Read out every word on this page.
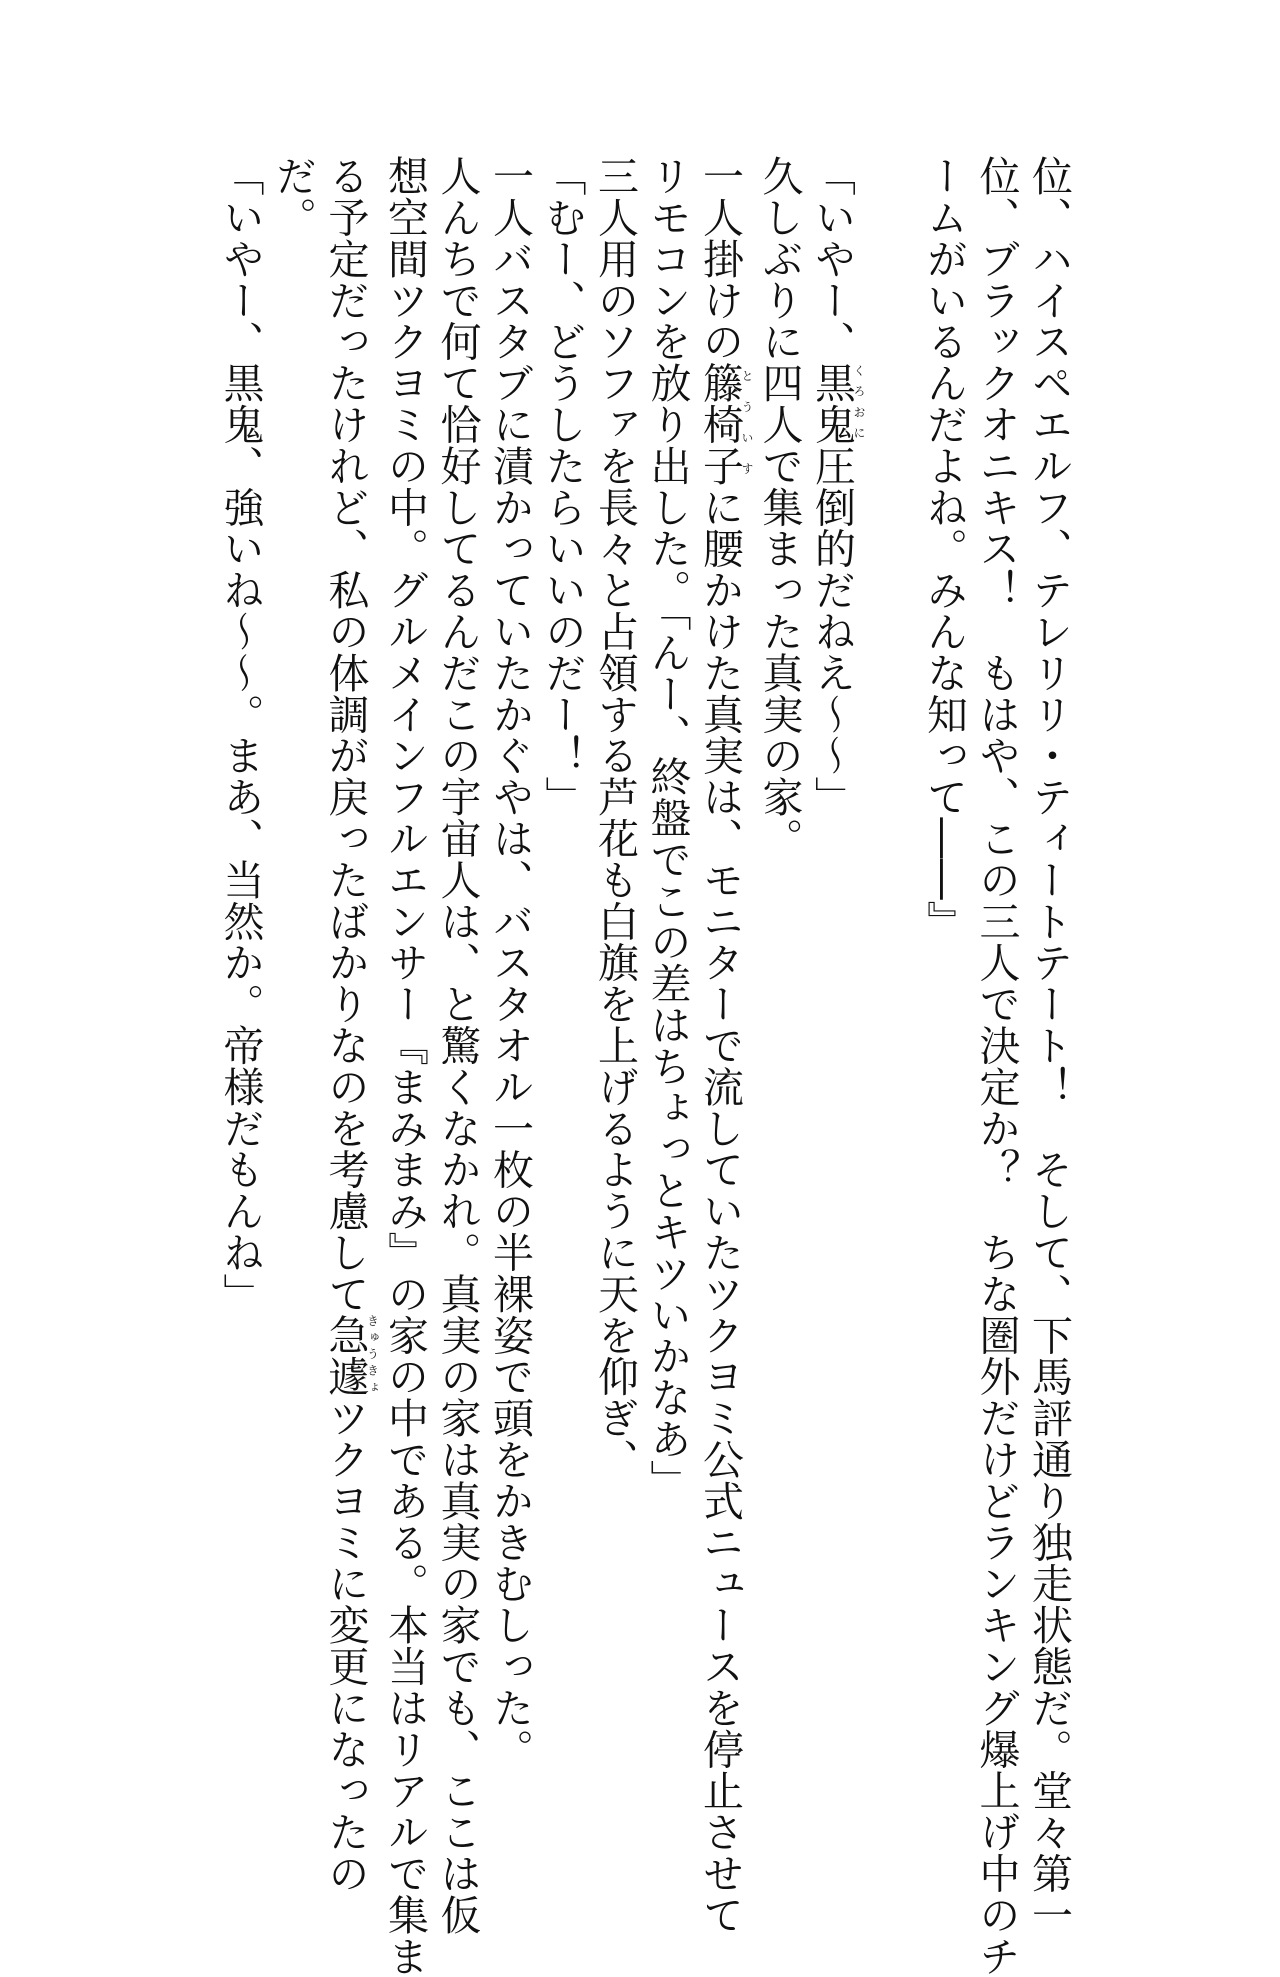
位、ハイスペエルフ、テレリリ・ティートテート！　そして、下馬評通り独走状態だ。堂々第一

位、ブラックオニキス！　もはや、この三人で決定か？　ちな圏外だけどランキング爆上げ中のチ

ームがいるんだよね。みんな知って――』

「いやー、黒鬼くろおに圧倒的だねえ～～」

久しぶりに四人で集まった真実の家。

一人掛けの籐椅子とういすに腰かけた真実は、モニターで流していたツクヨミ公式ニュースを停止させて

リモコンを放り出した。「んー、終盤でこの差はちょっとキツいかなあ」

三人用のソファを長々と占領する芦花も白旗を上げるように天を仰ぎ、

「むー、どうしたらいいのだー！」

一人バスタブに漬かっていたかぐやは、バスタオル一枚の半裸姿で頭をかきむしった。

人んちで何て恰好してるんだこの宇宙人は、と驚くなかれ。真実の家は真実の家でも、ここは仮

想空間ツクヨミの中。グルメインフルエンサー『まみまみ』の家の中である。本当はリアルで集ま

る予定だったけれど、私の体調が戻ったばかりなのを考慮して急遽きゅうきょツクヨミに変更になったの

だ。

「いやー、黒鬼、強いね～～。まあ、当然か。帝様だもんね」
